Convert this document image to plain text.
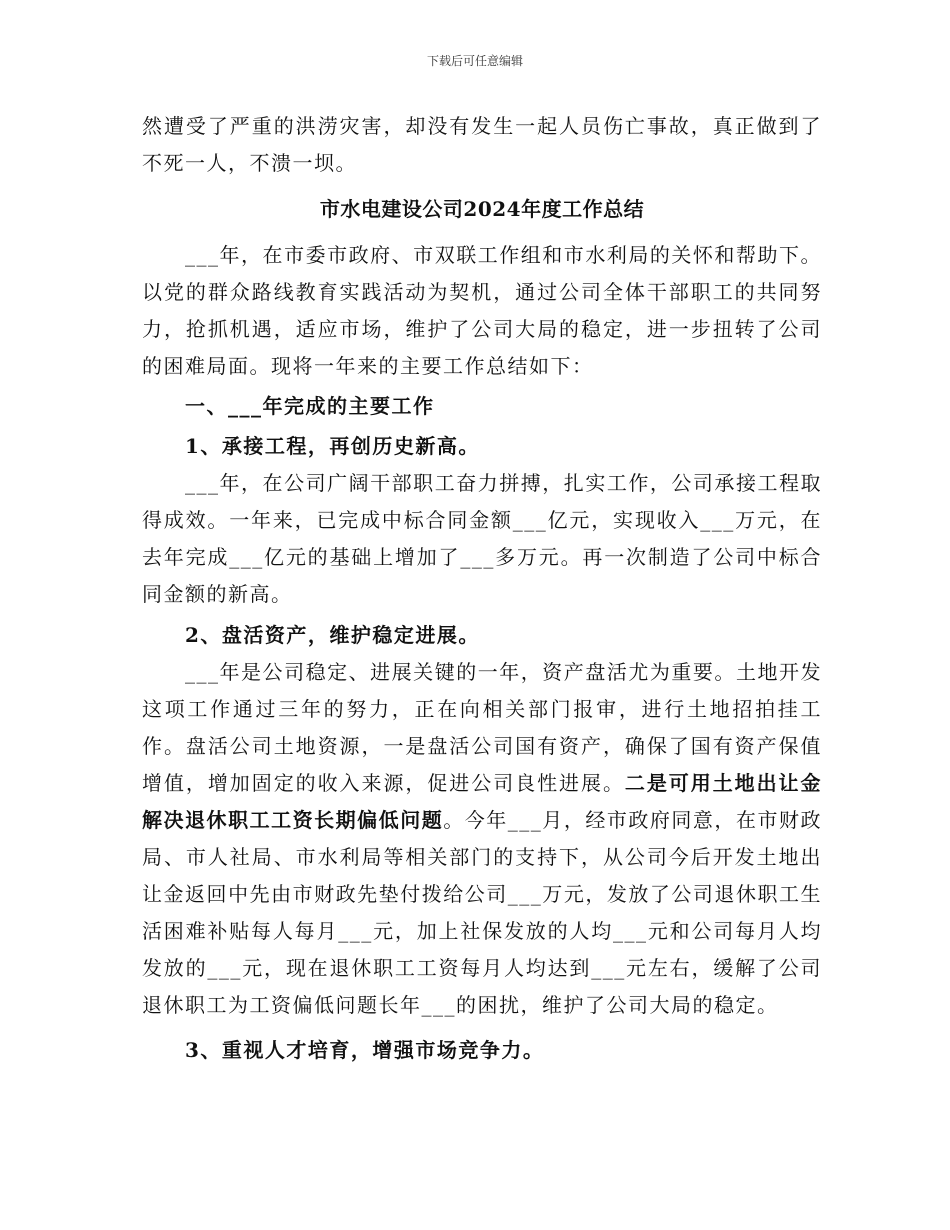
下载后可任意编辑

然遭受了严重的洪涝灾害，却没有发生一起人员伤亡事故，真正做到了不死一人，不溃一坝。

市水电建设公司2024年度工作总结

___年，在市委市政府、市双联工作组和市水利局的关怀和帮助下。以党的群众路线教育实践活动为契机，通过公司全体干部职工的共同努力，抢抓机遇，适应市场，维护了公司大局的稳定，进一步扭转了公司的困难局面。现将一年来的主要工作总结如下：

一、___年完成的主要工作

1、承接工程，再创历史新高。

___年，在公司广阔干部职工奋力拼搏，扎实工作，公司承接工程取得成效。一年来，已完成中标合同金额___亿元，实现收入___万元，在去年完成___亿元的基础上增加了___多万元。再一次制造了公司中标合同金额的新高。

2、盘活资产，维护稳定进展。

___年是公司稳定、进展关键的一年，资产盘活尤为重要。土地开发这项工作通过三年的努力，正在向相关部门报审，进行土地招拍挂工作。盘活公司土地资源，一是盘活公司国有资产，确保了国有资产保值增值，增加固定的收入来源，促进公司良性进展。二是可用土地出让金解决退休职工工资长期偏低问题。今年___月，经市政府同意，在市财政局、市人社局、市水利局等相关部门的支持下，从公司今后开发土地出让金返回中先由市财政先垫付拨给公司___万元，发放了公司退休职工生活困难补贴每人每月___元，加上社保发放的人均___元和公司每月人均发放的___元，现在退休职工工资每月人均达到___元左右，缓解了公司退休职工为工资偏低问题长年___的困扰，维护了公司大局的稳定。

3、重视人才培育，增强市场竞争力。
